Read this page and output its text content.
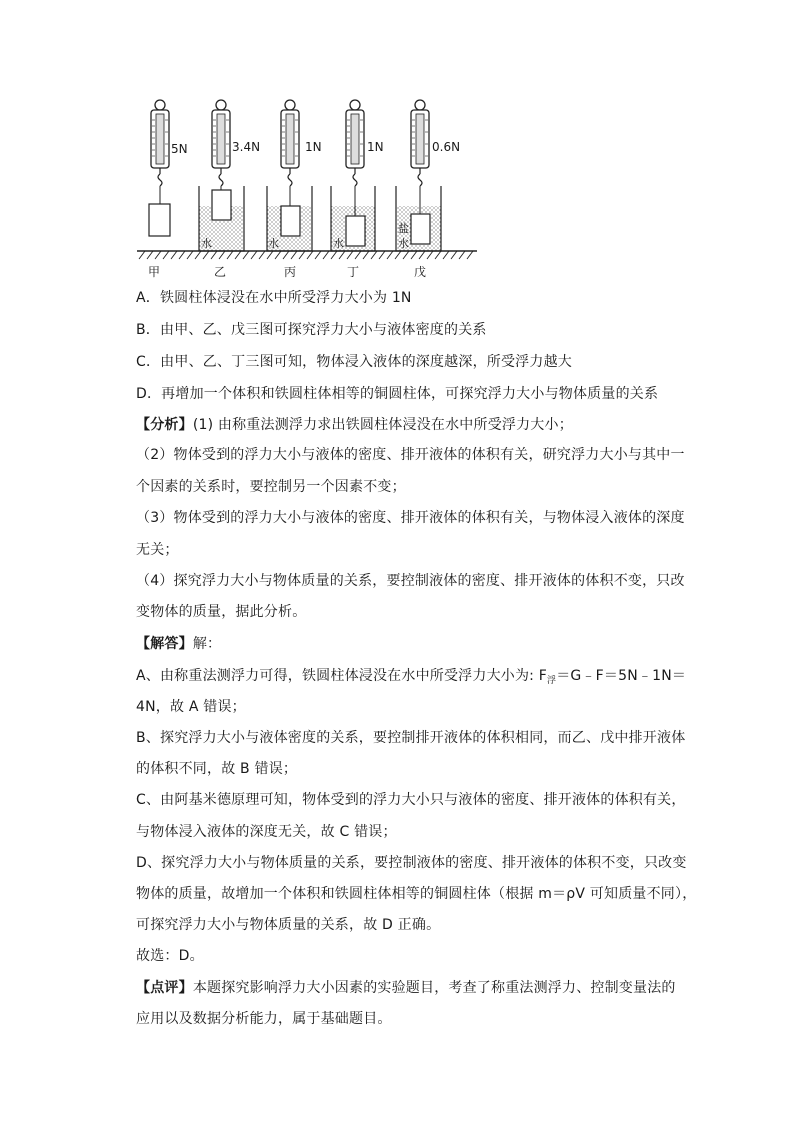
5N	3.4N
水
1N
水
1N
水
0.6N
盐
水
甲	乙	丙	丁	戊
A．铁圆柱体浸没在水中所受浮力大小为 1N
B．由甲、乙、戊三图可探究浮力大小与液体密度的关系
C．由甲、乙、丁三图可知，物体浸入液体的深度越深，所受浮力越大
D．再增加一个体积和铁圆柱体相等的铜圆柱体，可探究浮力大小与物体质量的关系
【分析】(1) 由称重法测浮力求出铁圆柱体浸没在水中所受浮力大小；
（2）物体受到的浮力大小与液体的密度、排开液体的体积有关，研究浮力大小与其中一
个因素的关系时，要控制另一个因素不变；
（3）物体受到的浮力大小与液体的密度、排开液体的体积有关，与物体浸入液体的深度
无关；
（4）探究浮力大小与物体质量的关系，要控制液体的密度、排开液体的体积不变，只改
变物体的质量，据此分析。
【解答】解：
A、由称重法测浮力可得，铁圆柱体浸没在水中所受浮力大小为: $F_浮=G﹣F=5N﹣1N=$
4N，故 A 错误；
B、探究浮力大小与液体密度的关系，要控制排开液体的体积相同，而乙、戊中排开液体
的体积不同，故 B 错误；
C、由阿基米德原理可知，物体受到的浮力大小只与液体的密度、排开液体的体积有关，
与物体浸入液体的深度无关，故 C 错误；
D、探究浮力大小与物体质量的关系，要控制液体的密度、排开液体的体积不变，只改变
物体的质量，故增加一个体积和铁圆柱体相等的铜圆柱体（根据 m＝ρV 可知质量不同），
可探究浮力大小与物体质量的关系，故 D 正确。
故选：D。
【点评】本题探究影响浮力大小因素的实验题目，考查了称重法测浮力、控制变量法的
应用以及数据分析能力，属于基础题目。
